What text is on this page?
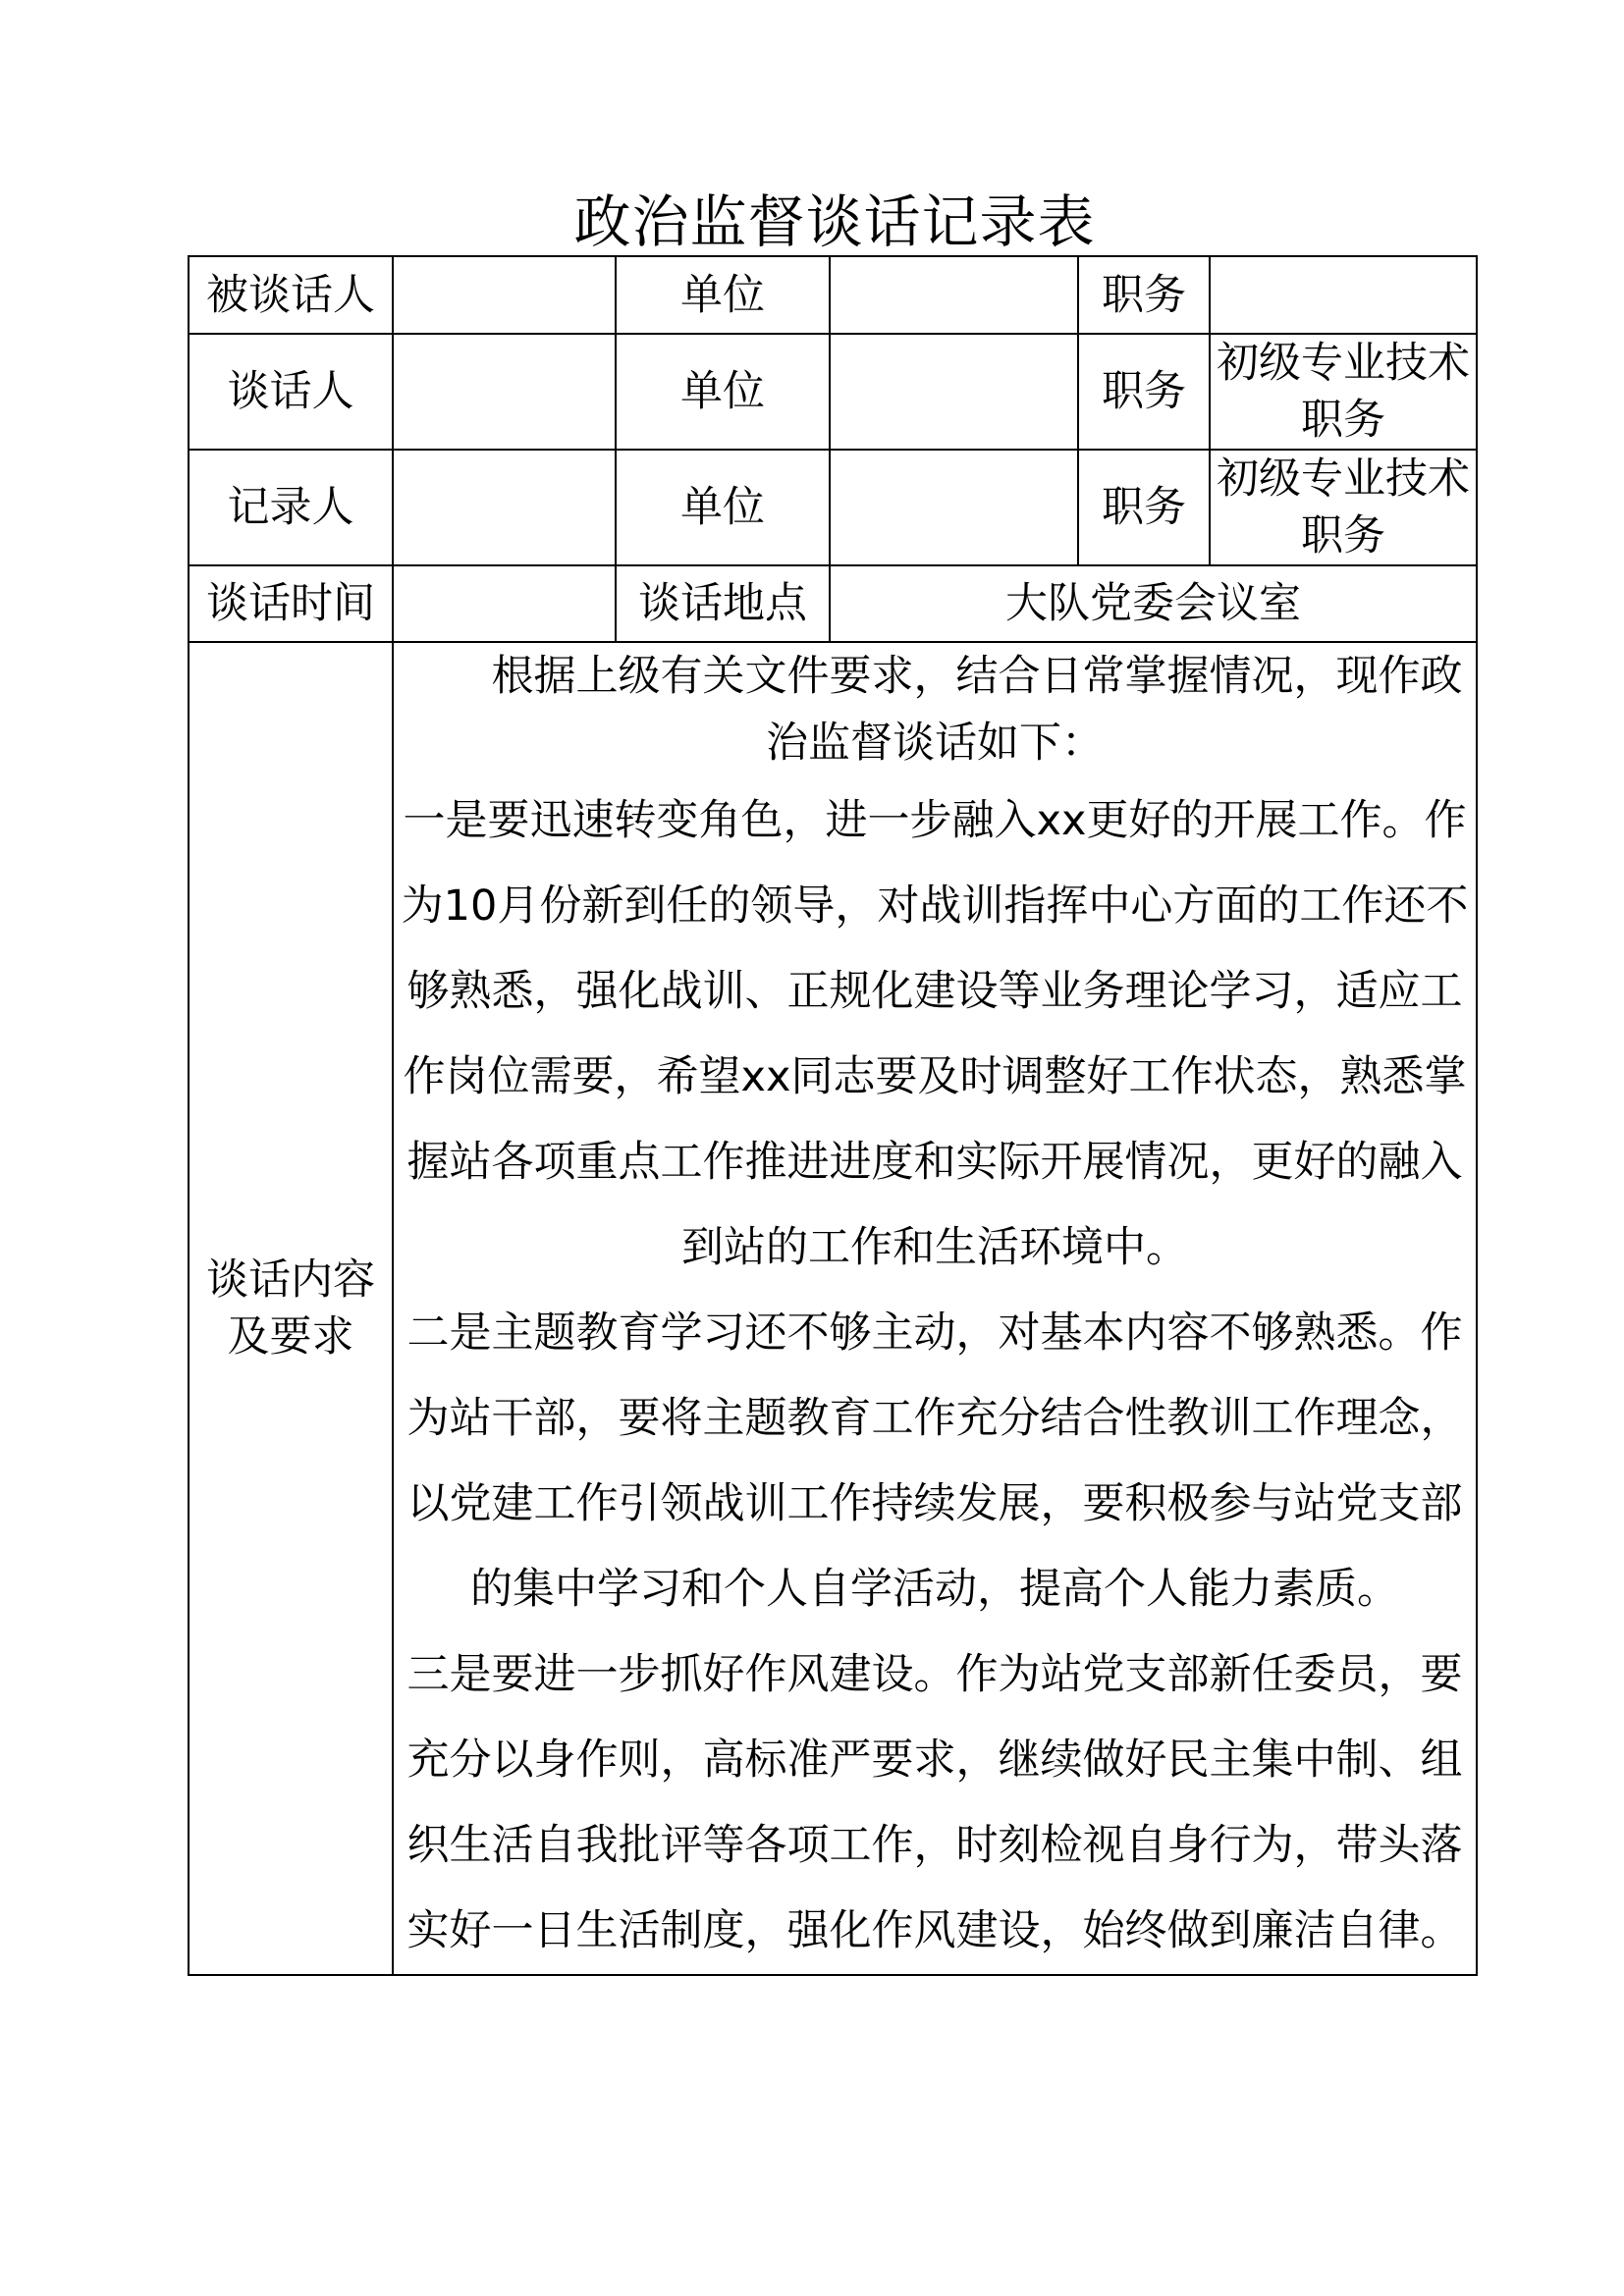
政治监督谈话记录表
被谈话人		单位		职务	
谈话人		单位		职务	初级专业技术职务
记录人		单位		职务	初级专业技术职务
谈话时间		谈话地点	大队党委会议室		
谈话内容及要求	根据上级有关文件要求，结合日常掌握情况，现作政治监督谈话如下：

一是要迅速转变角色，进一步融入xx更好的开展工作。作为10月份新到任的领导，对战训指挥中心方面的工作还不够熟悉，强化战训、正规化建设等业务理论学习，适应工作岗位需要，希望xx同志要及时调整好工作状态，熟悉掌握站各项重点工作推进进度和实际开展情况，更好的融入到站的工作和生活环境中。

二是主题教育学习还不够主动，对基本内容不够熟悉。作为站干部，要将主题教育工作充分结合性教训工作理念，以党建工作引领战训工作持续发展，要积极参与站党支部的集中学习和个人自学活动，提高个人能力素质。

三是要进一步抓好作风建设。作为站党支部新任委员，要充分以身作则，高标准严要求，继续做好民主集中制、组织生活自我批评等各项工作，时刻检视自身行为，带头落实好一日生活制度，强化作风建设，始终做到廉洁自律。				
